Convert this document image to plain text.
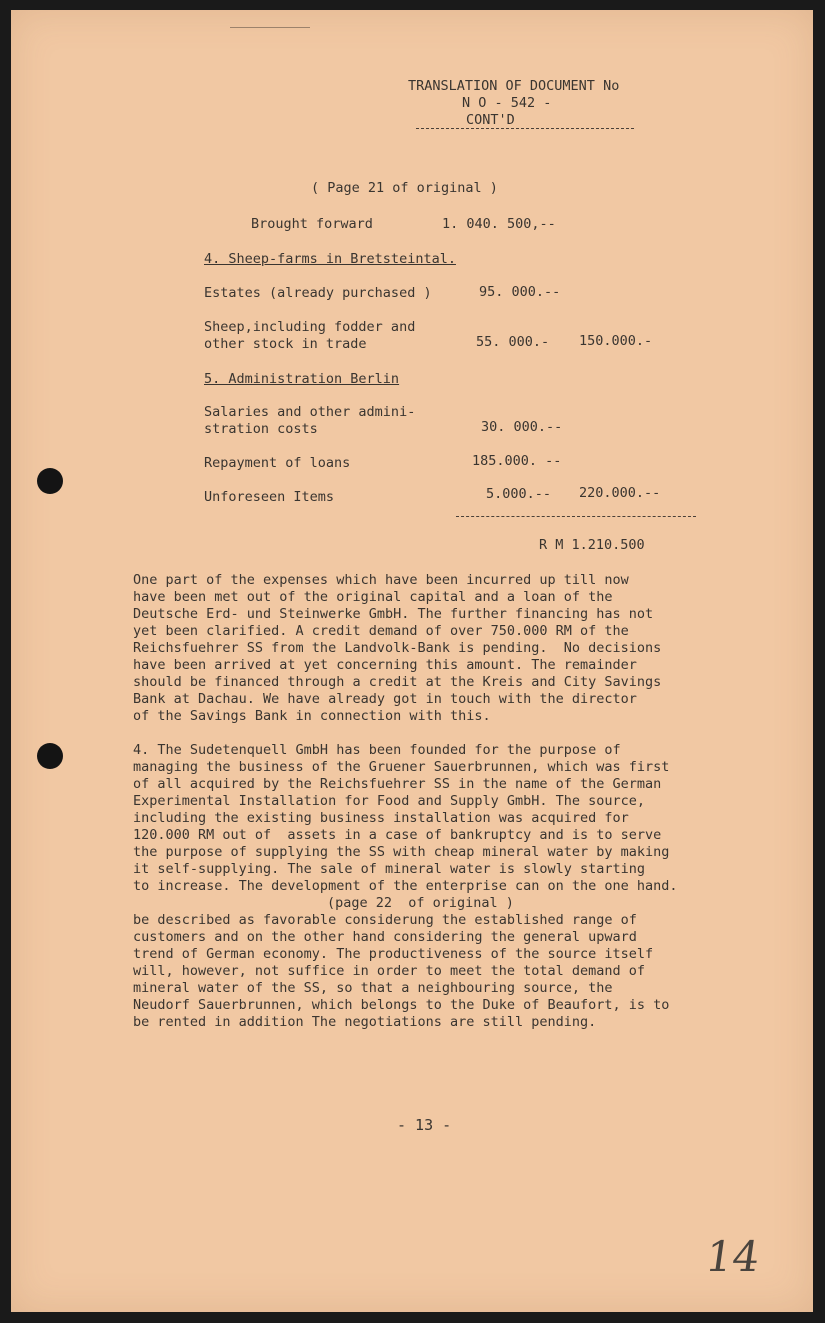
TRANSLATION OF DOCUMENT No
N O - 542 -
CONT'D
( Page 21 of original )
Brought forward	1. 040. 500,--
4. Sheep-farms in Bretsteintal.
Estates (already purchased )	95. 000.--
Sheep,including fodder and
other stock in trade	55. 000.- 150.000.-
5. Administration Berlin
Salaries and other admini-
stration costs	30. 000.--
Repayment of loans	185.000. --
Unforeseen Items	5.000.-- 220.000.--
R M 1.210.500
One part of the expenses which have been incurred up till now
have been met out of the original capital and a loan of the
Deutsche Erd- und Steinwerke GmbH. The further financing has not
yet been clarified. A credit demand of over 750.000 RM of the
Reichsfuehrer SS from the Landvolk-Bank is pending.  No decisions
have been arrived at yet concerning this amount. The remainder
should be financed through a credit at the Kreis and City Savings
Bank at Dachau. We have already got in touch with the director
of the Savings Bank in connection with this.
4. The Sudetenquell GmbH has been founded for the purpose of
managing the business of the Gruener Sauerbrunnen, which was first
of all acquired by the Reichsfuehrer SS in the name of the German
Experimental Installation for Food and Supply GmbH. The source,
including the existing business installation was acquired for
120.000 RM out of  assets in a case of bankruptcy and is to serve
the purpose of supplying the SS with cheap mineral water by making
it self-supplying. The sale of mineral water is slowly starting
to increase. The development of the enterprise can on the one hand.
(page 22  of original )
be described as favorable considerung the established range of
customers and on the other hand considering the general upward
trend of German economy. The productiveness of the source itself
will, however, not suffice in order to meet the total demand of
mineral water of the SS, so that a neighbouring source, the
Neudorf Sauerbrunnen, which belongs to the Duke of Beaufort, is to
be rented in addition The negotiations are still pending.
- 13 -
14
